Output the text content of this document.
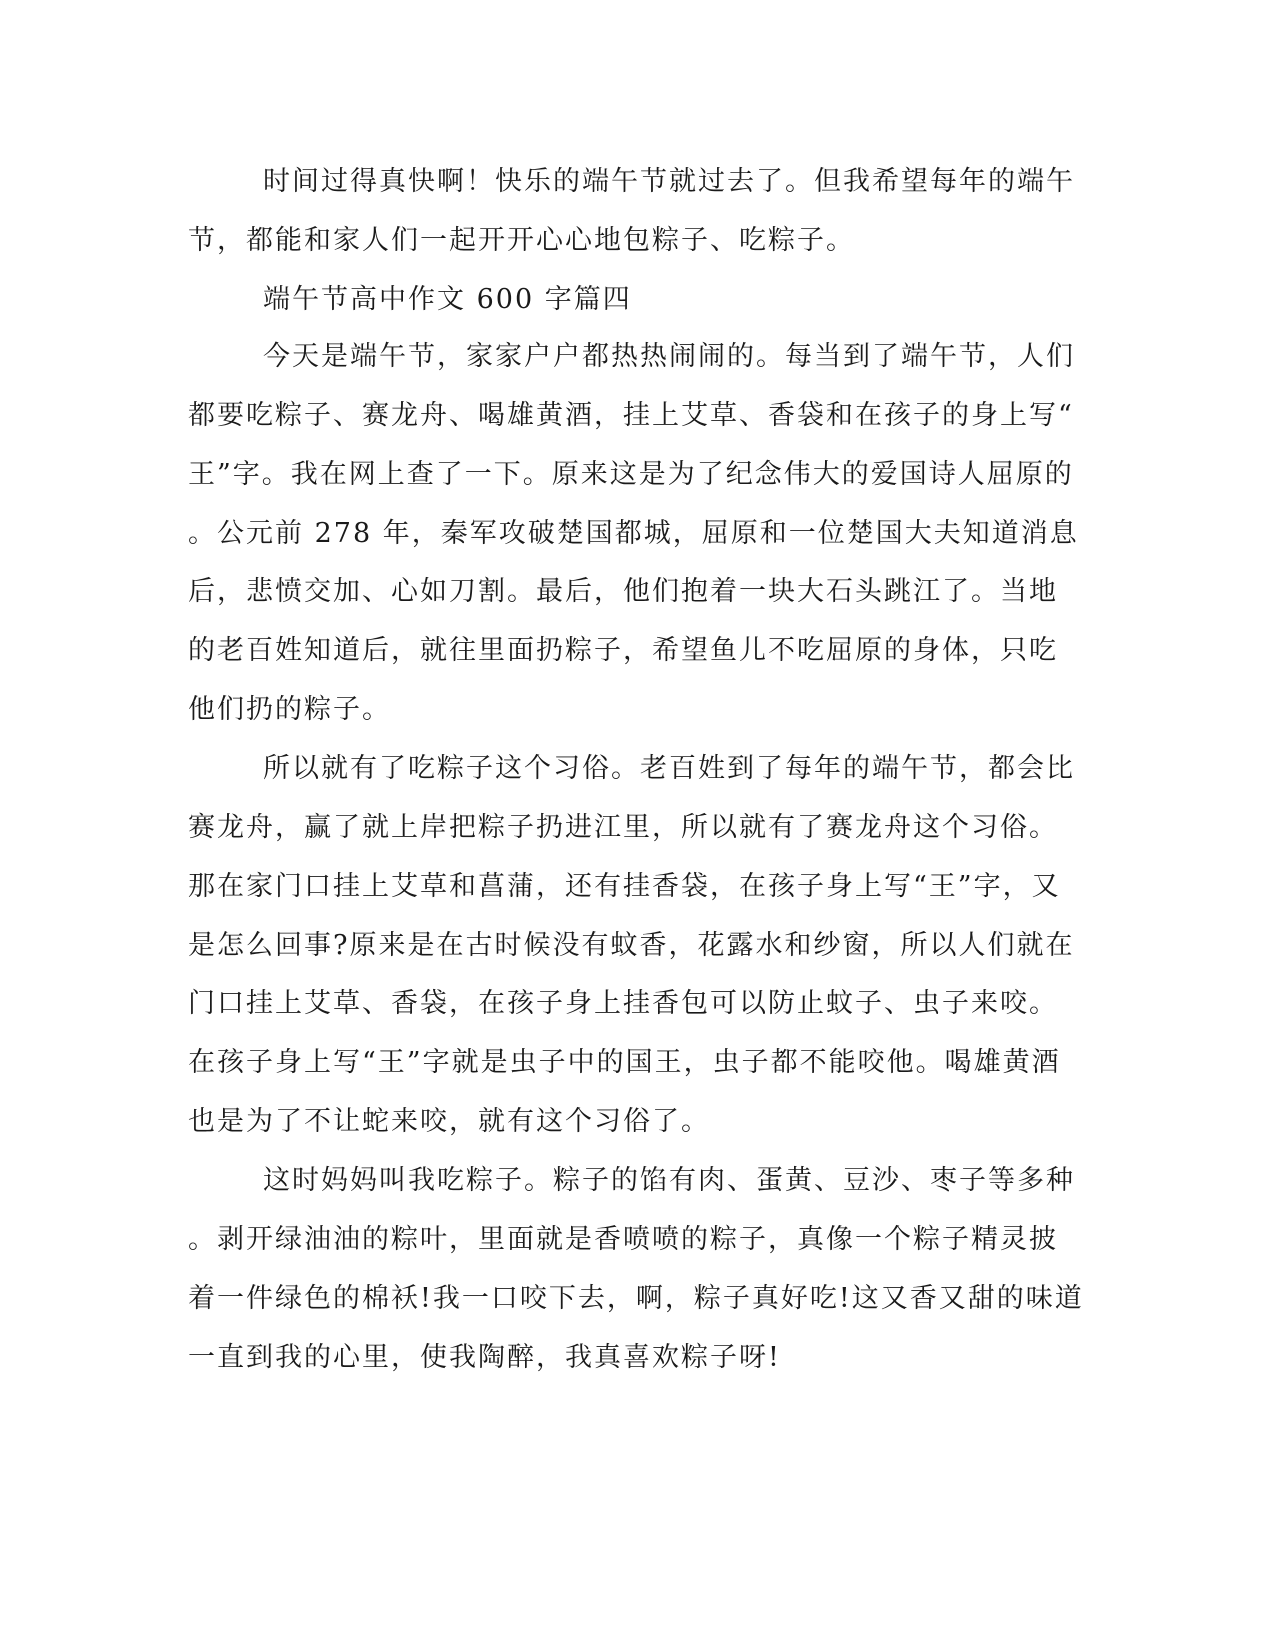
时间过得真快啊！快乐的端午节就过去了。但我希望每年的端午
节，都能和家人们一起开开心心地包粽子、吃粽子。
端午节高中作文 600 字篇四
今天是端午节，家家户户都热热闹闹的。每当到了端午节，人们
都要吃粽子、赛龙舟、喝雄黄酒，挂上艾草、香袋和在孩子的身上写“
王”字。我在网上查了一下。原来这是为了纪念伟大的爱国诗人屈原的
。公元前 278 年，秦军攻破楚国都城，屈原和一位楚国大夫知道消息
后，悲愤交加、心如刀割。最后，他们抱着一块大石头跳江了。当地
的老百姓知道后，就往里面扔粽子，希望鱼儿不吃屈原的身体，只吃
他们扔的粽子。
所以就有了吃粽子这个习俗。老百姓到了每年的端午节，都会比
赛龙舟，赢了就上岸把粽子扔进江里，所以就有了赛龙舟这个习俗。
那在家门口挂上艾草和菖蒲，还有挂香袋，在孩子身上写“王”字，又
是怎么回事?原来是在古时候没有蚊香，花露水和纱窗，所以人们就在
门口挂上艾草、香袋，在孩子身上挂香包可以防止蚊子、虫子来咬。
在孩子身上写“王”字就是虫子中的国王，虫子都不能咬他。喝雄黄酒
也是为了不让蛇来咬，就有这个习俗了。
这时妈妈叫我吃粽子。粽子的馅有肉、蛋黄、豆沙、枣子等多种
。剥开绿油油的粽叶，里面就是香喷喷的粽子，真像一个粽子精灵披
着一件绿色的棉袄!我一口咬下去，啊，粽子真好吃!这又香又甜的味道
一直到我的心里，使我陶醉，我真喜欢粽子呀!
